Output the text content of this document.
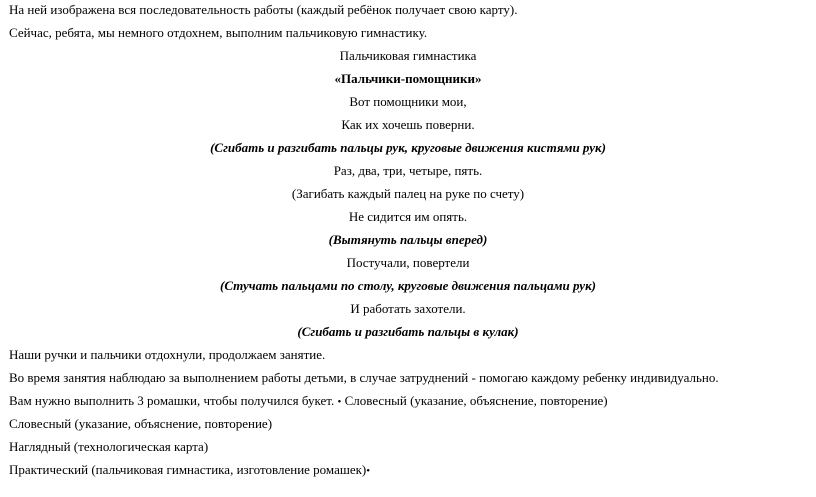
На ней изображена вся последовательность работы (каждый ребёнок получает свою карту).
Сейчас, ребята, мы немного отдохнем, выполним пальчиковую гимнастику.
Пальчиковая гимнастика
«Пальчики-помощники»
Вот помощники мои,
Как их хочешь поверни.
(Сгибать и разгибать пальцы рук, круговые движения кистями рук)
Раз, два, три, четыре, пять.
(Загибать каждый палец на руке по счету)
Не сидится им опять.
(Вытянуть пальцы вперед)
Постучали, повертели
(Стучать пальцами по столу, круговые движения пальцами рук)
И работать захотели.
(Сгибать и разгибать пальцы в кулак)
Наши ручки и пальчики отдохнули, продолжаем занятие.
Во время занятия наблюдаю за выполнением работы детьми, в случае затруднений - помогаю каждому ребенку индивидуально.
Вам нужно выполнить 3 ромашки, чтобы получился букет. • Словесный (указание, объяснение, повторение)
Словесный (указание, объяснение, повторение)
Наглядный (технологическая карта)
Практический (пальчиковая гимнастика, изготовление ромашек)•
